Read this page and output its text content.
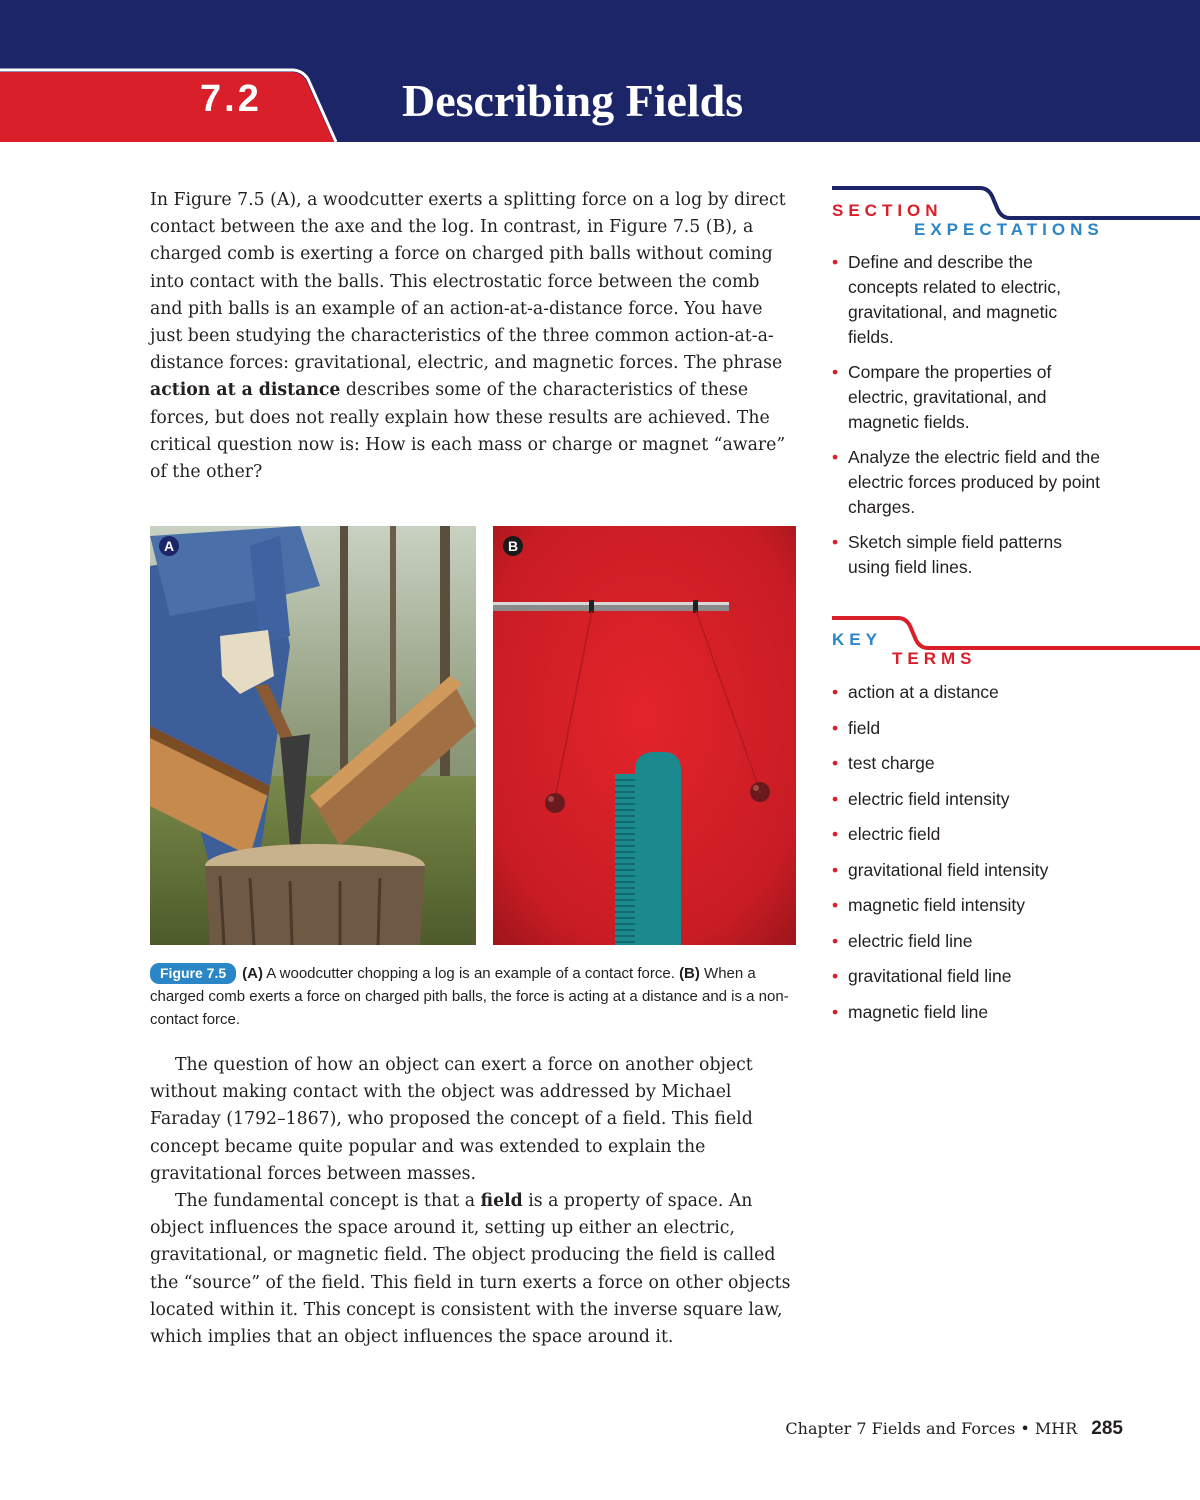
7.2	Describing Fields

In Figure 7.5 (A), a woodcutter exerts a splitting force on a log by direct contact between the axe and the log. In contrast, in Figure 7.5 (B), a charged comb is exerting a force on charged pith balls without coming into contact with the balls. This electrostatic force between the comb and pith balls is an example of an action-at-a-distance force. You have just been studying the characteristics of the three common action-at-a-distance forces: gravitational, electric, and magnetic forces. The phrase action at a distance describes some of the characteristics of these forces, but does not really explain how these results are achieved. The critical question now is: How is each mass or charge or magnet “aware” of the other?

A	B
Figure 7.5 (A) A woodcutter chopping a log is an example of a contact force. (B) When a charged comb exerts a force on charged pith balls, the force is acting at a distance and is a non-contact force.

The question of how an object can exert a force on another object without making contact with the object was addressed by Michael Faraday (1792–1867), who proposed the concept of a field. This field concept became quite popular and was extended to explain the gravitational forces between masses.

The fundamental concept is that a field is a property of space. An object influences the space around it, setting up either an electric, gravitational, or magnetic field. The object producing the field is called the “source” of the field. This field in turn exerts a force on other objects located within it. This concept is consistent with the inverse square law, which implies that an object influences the space around it.

SECTION
EXPECTATIONS
• Define and describe the concepts related to electric, gravitational, and magnetic fields.
• Compare the properties of electric, gravitational, and magnetic fields.
• Analyze the electric field and the electric forces produced by point charges.
• Sketch simple field patterns using field lines.
KEY
TERMS
• action at a distance
• field
• test charge
• electric field intensity
• electric field
• gravitational field intensity
• magnetic field intensity
• electric field line
• gravitational field line
• magnetic field line
Chapter 7 Fields and Forces • MHR 285
